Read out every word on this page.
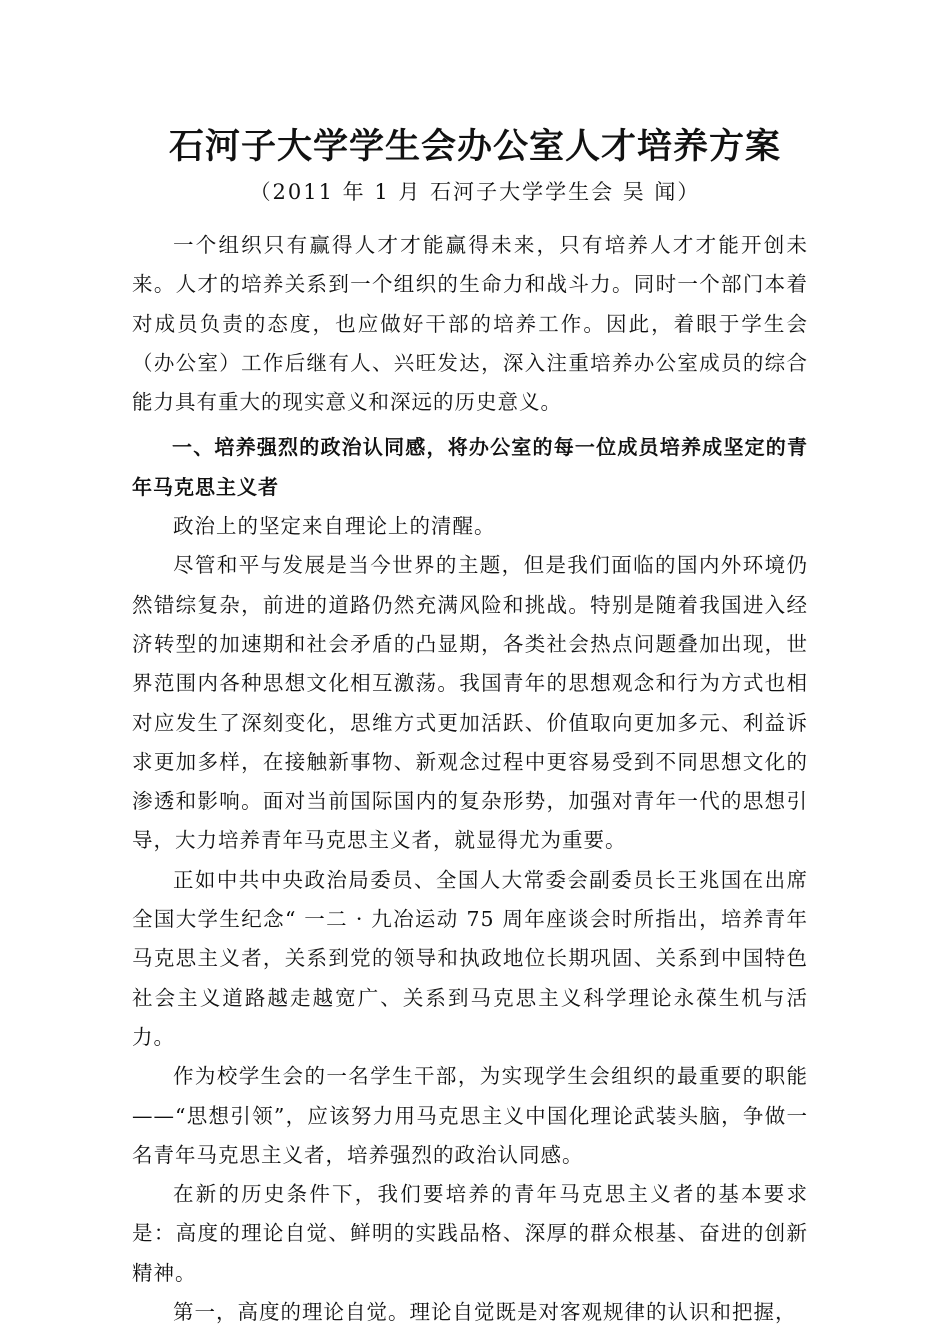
石河子大学学生会办公室人才培养方案

（2011 年 1 月 石河子大学学生会 吴 闻）

一个组织只有赢得人才才能赢得未来，只有培养人才才能开创未来。人才的培养关系到一个组织的生命力和战斗力。同时一个部门本着对成员负责的态度，也应做好干部的培养工作。因此，着眼于学生会（办公室）工作后继有人、兴旺发达，深入注重培养办公室成员的综合能力具有重大的现实意义和深远的历史意义。

一、培养强烈的政治认同感，将办公室的每一位成员培养成坚定的青年马克思主义者

政治上的坚定来自理论上的清醒。

尽管和平与发展是当今世界的主题，但是我们面临的国内外环境仍然错综复杂，前进的道路仍然充满风险和挑战。特别是随着我国进入经济转型的加速期和社会矛盾的凸显期，各类社会热点问题叠加出现，世界范围内各种思想文化相互激荡。我国青年的思想观念和行为方式也相对应发生了深刻变化，思维方式更加活跃、价值取向更加多元、利益诉求更加多样，在接触新事物、新观念过程中更容易受到不同思想文化的渗透和影响。面对当前国际国内的复杂形势，加强对青年一代的思想引导，大力培养青年马克思主义者，就显得尤为重要。

正如中共中央政治局委员、全国人大常委会副委员长王兆国在出席全国大学生纪念“ 一二 · 九冶运动 75 周年座谈会时所指出，培养青年马克思主义者，关系到党的领导和执政地位长期巩固、关系到中国特色社会主义道路越走越宽广、关系到马克思主义科学理论永葆生机与活力。

作为校学生会的一名学生干部，为实现学生会组织的最重要的职能——“思想引领”，应该努力用马克思主义中国化理论武装头脑，争做一名青年马克思主义者，培养强烈的政治认同感。

在新的历史条件下，我们要培养的青年马克思主义者的基本要求是：高度的理论自觉、鲜明的实践品格、深厚的群众根基、奋进的创新精神。

第一，高度的理论自觉。理论自觉既是对客观规律的认识和把握，
